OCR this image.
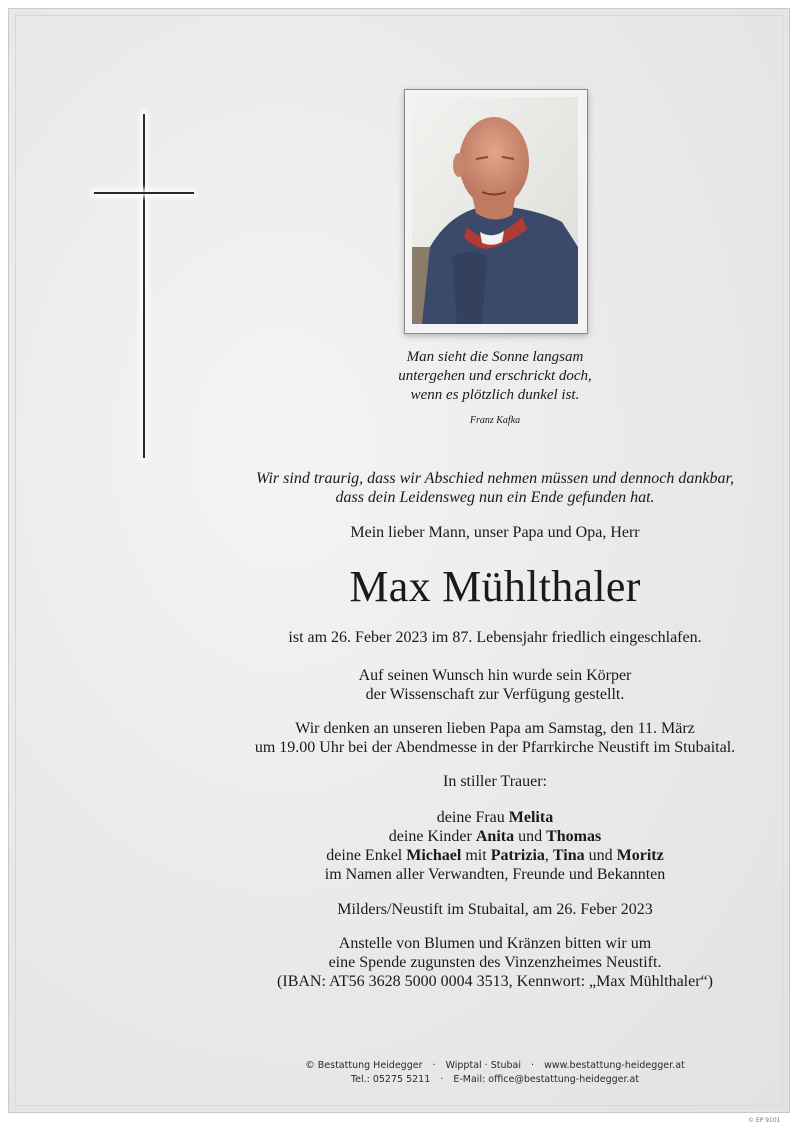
Man sieht die Sonne langsam
untergehen und erschrickt doch,
wenn es plötzlich dunkel ist.
Franz Kafka
Wir sind traurig, dass wir Abschied nehmen müssen und dennoch dankbar,
dass dein Leidensweg nun ein Ende gefunden hat.
Mein lieber Mann, unser Papa und Opa, Herr
Max Mühlthaler
ist am 26. Feber 2023 im 87. Lebensjahr friedlich eingeschlafen.
Auf seinen Wunsch hin wurde sein Körper
der Wissenschaft zur Verfügung gestellt.
Wir denken an unseren lieben Papa am Samstag, den 11. März
um 19.00 Uhr bei der Abendmesse in der Pfarrkirche Neustift im Stubaital.
In stiller Trauer:
deine Frau Melita
deine Kinder Anita und Thomas
deine Enkel Michael mit Patrizia, Tina und Moritz
im Namen aller Verwandten, Freunde und Bekannten
Milders/Neustift im Stubaital, am 26. Feber 2023
Anstelle von Blumen und Kränzen bitten wir um
eine Spende zugunsten des Vinzenzheimes Neustift.
(IBAN: AT56 3628 5000 0004 3513, Kennwort: „Max Mühlthaler“)
© Bestattung Heidegger · Wipptal · Stubai · www.bestattung-heidegger.at
Tel.: 05275 5211 · E-Mail: office@bestattung-heidegger.at
© EP 9101
